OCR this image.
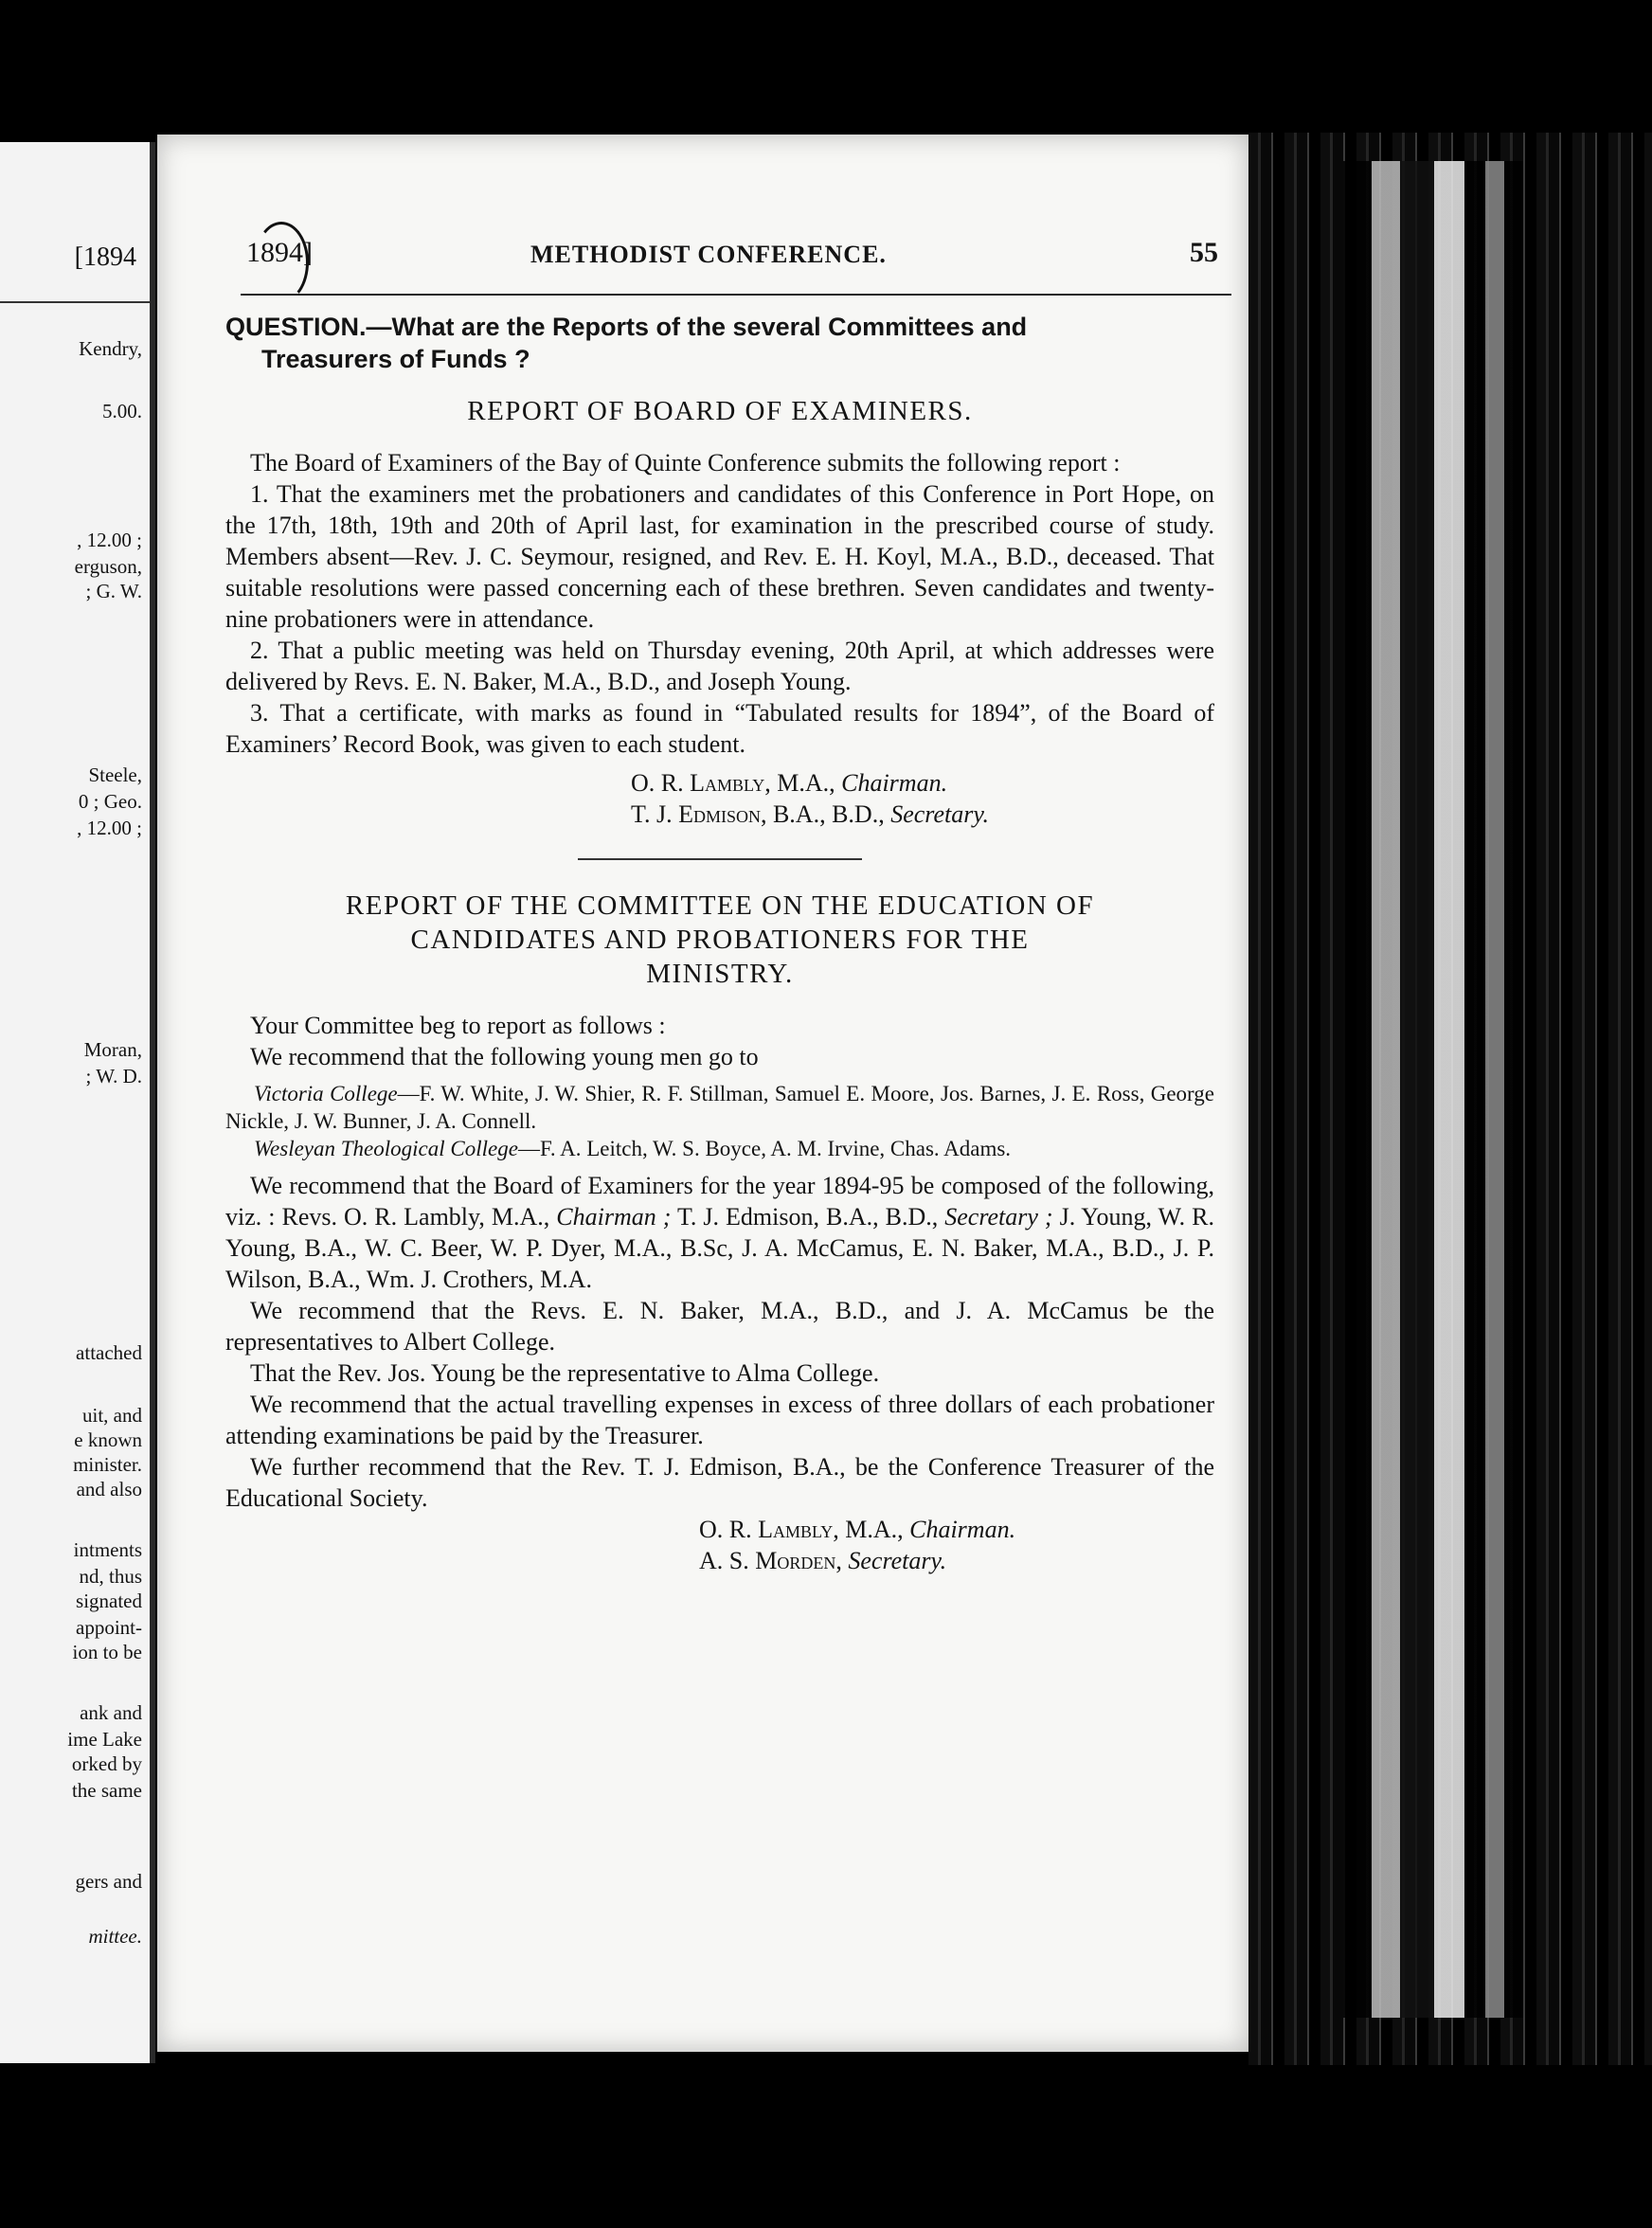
[1894

Kendry,

5.00.

, 12.00 ;

erguson,

; G. W.

Steele,

0 ; Geo.

, 12.00 ;

Moran,

; W. D.

attached

uit, and

e known

minister.

and also

intments

nd, thus

signated

appoint-

ion to be

ank and

ime Lake

orked by

the same

gers and

mittee.

1894]	METHODIST CONFERENCE.	55

QUESTION.—What are the Reports of the several Committees and
Treasurers of Funds ?

REPORT OF BOARD OF EXAMINERS.

The Board of Examiners of the Bay of Quinte Conference submits the following report :

1. That the examiners met the probationers and candidates of this Conference in Port Hope, on the 17th, 18th, 19th and 20th of April last, for examination in the prescribed course of study. Members absent—Rev. J. C. Seymour, resigned, and Rev. E. H. Koyl, M.A., B.D., deceased. That suitable resolutions were passed concerning each of these brethren. Seven candidates and twenty-nine probationers were in attendance.

2. That a public meeting was held on Thursday evening, 20th April, at which addresses were delivered by Revs. E. N. Baker, M.A., B.D., and Joseph Young.

3. That a certificate, with marks as found in “Tabulated results for 1894”, of the Board of Examiners’ Record Book, was given to each student.

O. R. Lambly, M.A., Chairman.

T. J. Edmison, B.A., B.D., Secretary.

REPORT OF THE COMMITTEE ON THE EDUCATION OF

CANDIDATES AND PROBATIONERS FOR THE

MINISTRY.

Your Committee beg to report as follows :

We recommend that the following young men go to

Victoria College—F. W. White, J. W. Shier, R. F. Stillman, Samuel E. Moore, Jos. Barnes, J. E. Ross, George Nickle, J. W. Bunner, J. A. Connell.

Wesleyan Theological College—F. A. Leitch, W. S. Boyce, A. M. Irvine, Chas. Adams.

We recommend that the Board of Examiners for the year 1894-95 be composed of the following, viz. : Revs. O. R. Lambly, M.A., Chairman ; T. J. Edmison, B.A., B.D., Secretary ; J. Young, W. R. Young, B.A., W. C. Beer, W. P. Dyer, M.A., B.Sc, J. A. McCamus, E. N. Baker, M.A., B.D., J. P. Wilson, B.A., Wm. J. Crothers, M.A.

We recommend that the Revs. E. N. Baker, M.A., B.D., and J. A. McCamus be the representatives to Albert College.

That the Rev. Jos. Young be the representative to Alma College.

We recommend that the actual travelling expenses in excess of three dollars of each probationer attending examinations be paid by the Treasurer.

We further recommend that the Rev. T. J. Edmison, B.A., be the Conference Treasurer of the Educational Society.

O. R. Lambly, M.A., Chairman.

A. S. Morden, Secretary.
